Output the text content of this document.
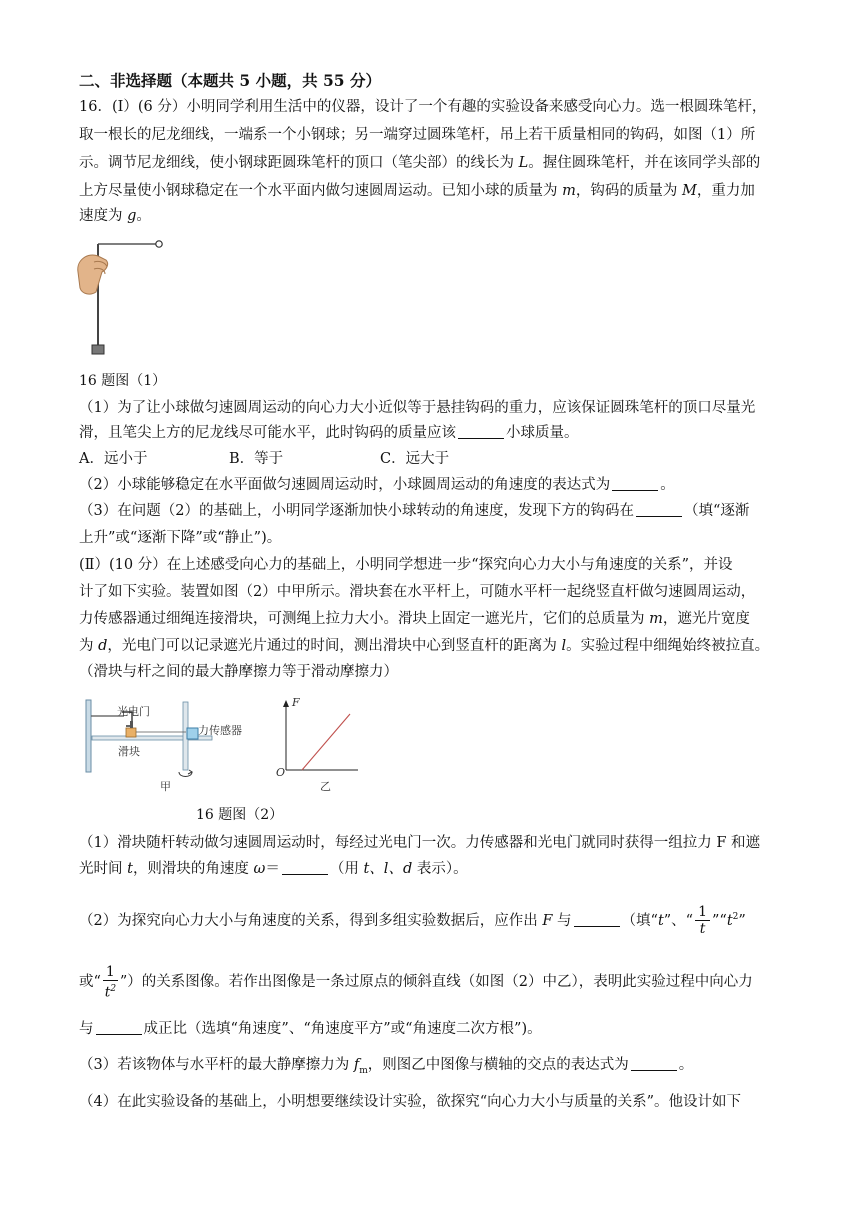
二、非选择题（本题共 5 小题，共 55 分）
16．(Ⅰ）(6 分）小明同学利用生活中的仪器，设计了一个有趣的实验设备来感受向心力。选一根圆珠笔杆，
取一根长的尼龙细线，一端系一个小钢球；另一端穿过圆珠笔杆，吊上若干质量相同的钩码，如图（1）所
示。调节尼龙细线，使小钢球距圆珠笔杆的顶口（笔尖部）的线长为 L。握住圆珠笔杆，并在该同学头部的
上方尽量使小钢球稳定在一个水平面内做匀速圆周运动。已知小球的质量为 m，钩码的质量为 M，重力加
速度为 g。
16 题图（1）
（1）为了让小球做匀速圆周运动的向心力大小近似等于悬挂钩码的重力，应该保证圆珠笔杆的顶口尽量光
滑，且笔尖上方的尼龙线尽可能水平，此时钩码的质量应该	小球质量。
A．远小于	B．等于	C．远大于
（2）小球能够稳定在水平面做匀速圆周运动时，小球圆周运动的角速度的表达式为	。
（3）在问题（2）的基础上，小明同学逐渐加快小球转动的角速度，发现下方的钩码在	（填“逐渐
上升”或“逐渐下降”或“静止”)。
(Ⅱ）(10 分）在上述感受向心力的基础上，小明同学想进一步“探究向心力大小与角速度的关系”，并设
计了如下实验。装置如图（2）中甲所示。滑块套在水平杆上，可随水平杆一起绕竖直杆做匀速圆周运动，
力传感器通过细绳连接滑块，可测绳上拉力大小。滑块上固定一遮光片，它们的总质量为 m，遮光片宽度
为 d，光电门可以记录遮光片通过的时间，测出滑块中心到竖直杆的距离为 l。实验过程中细绳始终被拉直。
（滑块与杆之间的最大静摩擦力等于滑动摩擦力）
光电门
力传感器
滑块
甲
F
O
乙
16 题图（2）
（1）滑块随杆转动做匀速圆周运动时，每经过光电门一次。力传感器和光电门就同时获得一组拉力 F 和遮
光时间 t，则滑块的角速度 ω＝	（用 t、l、d 表示）。
（2）为探究向心力大小与角速度的关系，得到多组实验数据后，应作出 F 与	（填“t”、“ $\frac{1}{t}$ $”“t^2$”
或“ $\frac{1}{t^2}$ ”）的关系图像。若作出图像是一条过原点的倾斜直线（如图（2）中乙），表明此实验过程中向心力
与	成正比（选填“角速度”、“角速度平方”或“角速度二次方根”)。
（3）若该物体与水平杆的最大静摩擦力为 $f_m$，则图乙中图像与横轴的交点的表达式为	。
（4）在此实验设备的基础上，小明想要继续设计实验，欲探究“向心力大小与质量的关系”。他设计如下
